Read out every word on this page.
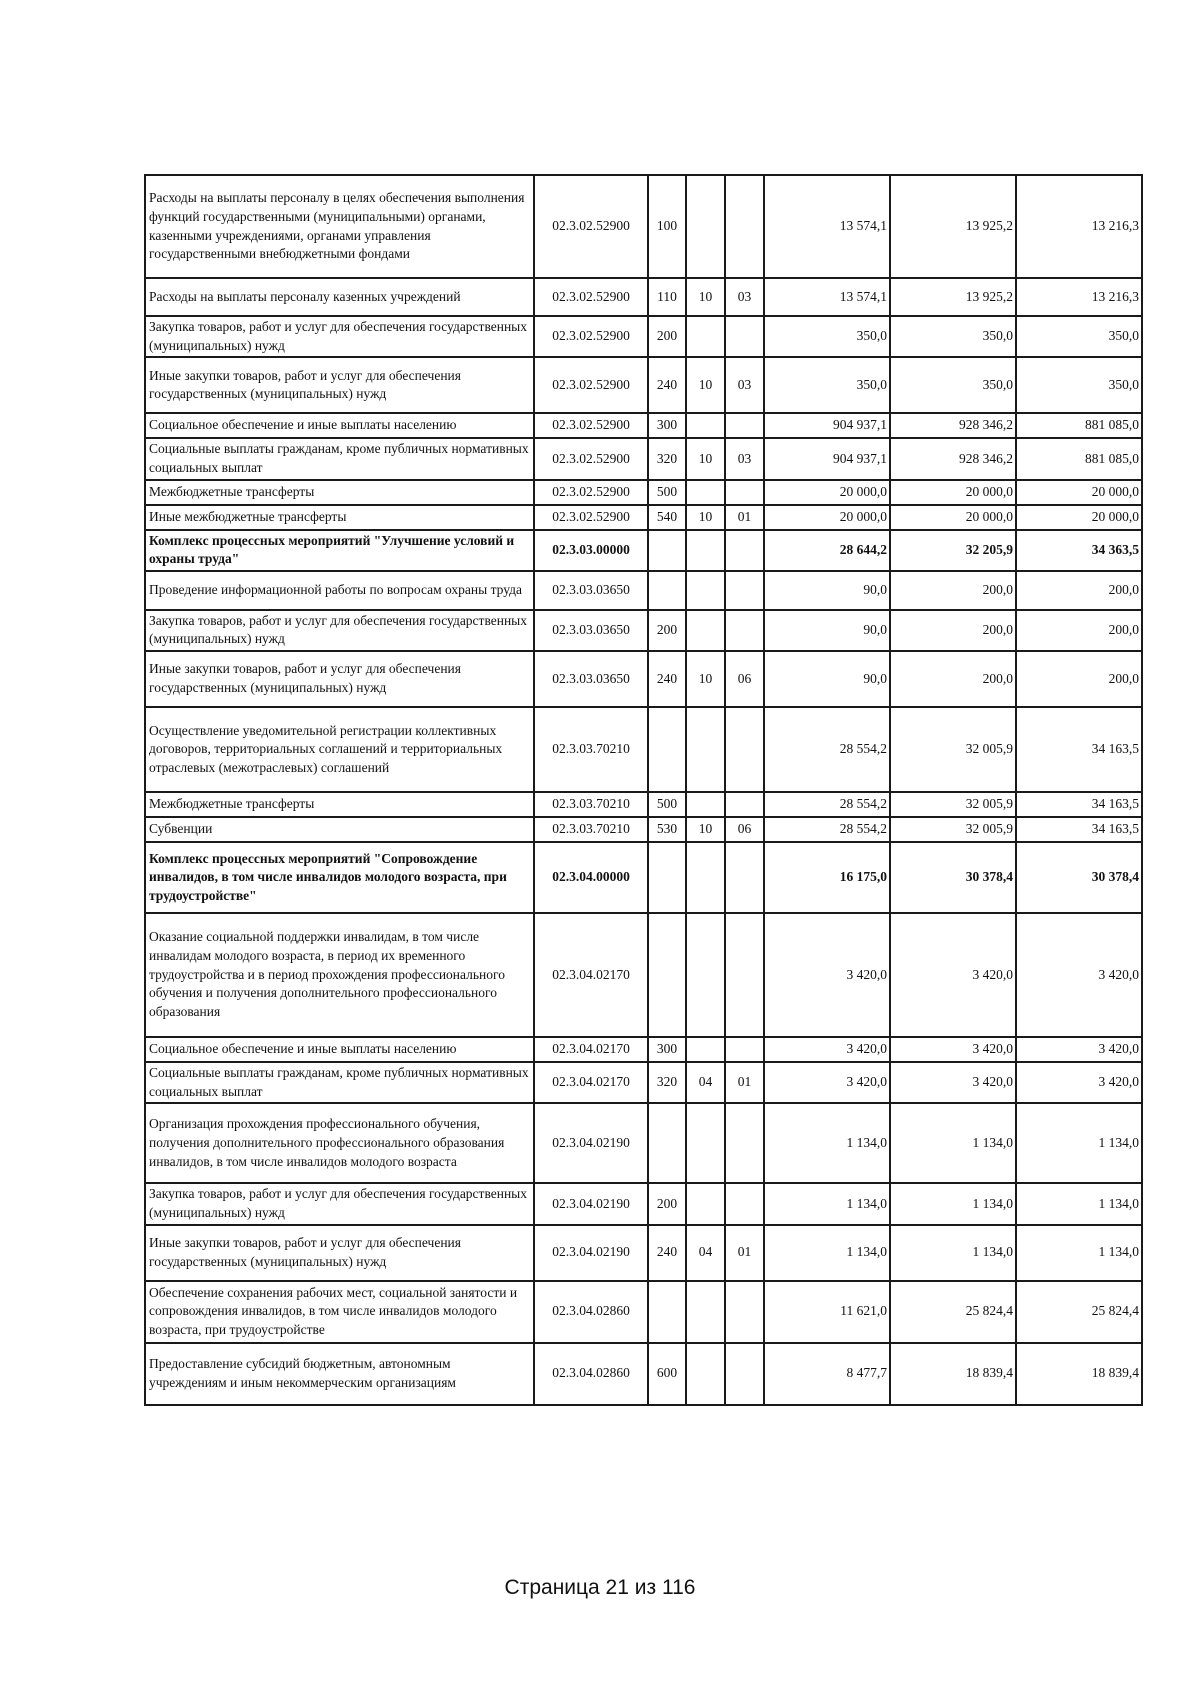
Расходы на выплаты персоналу в целях обеспечения выполнения функций государственными (муниципальными) органами, казенными учреждениями, органами управления государственными внебюджетными фондами	02.3.02.52900	100			13 574,1	13 925,2	13 216,3
Расходы на выплаты персоналу казенных учреждений	02.3.02.52900	110	10	03	13 574,1	13 925,2	13 216,3
Закупка товаров, работ и услуг для обеспечения государственных (муниципальных) нужд	02.3.02.52900	200			350,0	350,0	350,0
Иные закупки товаров, работ и услуг для обеспечения государственных (муниципальных) нужд	02.3.02.52900	240	10	03	350,0	350,0	350,0
Социальное обеспечение и иные выплаты населению	02.3.02.52900	300			904 937,1	928 346,2	881 085,0
Социальные выплаты гражданам, кроме публичных нормативных социальных выплат	02.3.02.52900	320	10	03	904 937,1	928 346,2	881 085,0
Межбюджетные трансферты	02.3.02.52900	500			20 000,0	20 000,0	20 000,0
Иные межбюджетные трансферты	02.3.02.52900	540	10	01	20 000,0	20 000,0	20 000,0
Комплекс процессных мероприятий "Улучшение условий и охраны труда"	02.3.03.00000				28 644,2	32 205,9	34 363,5
Проведение информационной работы по вопросам охраны труда	02.3.03.03650				90,0	200,0	200,0
Закупка товаров, работ и услуг для обеспечения государственных (муниципальных) нужд	02.3.03.03650	200			90,0	200,0	200,0
Иные закупки товаров, работ и услуг для обеспечения государственных (муниципальных) нужд	02.3.03.03650	240	10	06	90,0	200,0	200,0
Осуществление уведомительной регистрации коллективных договоров, территориальных соглашений и территориальных отраслевых (межотраслевых) соглашений	02.3.03.70210				28 554,2	32 005,9	34 163,5
Межбюджетные трансферты	02.3.03.70210	500			28 554,2	32 005,9	34 163,5
Субвенции	02.3.03.70210	530	10	06	28 554,2	32 005,9	34 163,5
Комплекс процессных мероприятий "Сопровождение инвалидов, в том числе инвалидов молодого возраста, при трудоустройстве"	02.3.04.00000				16 175,0	30 378,4	30 378,4
Оказание социальной поддержки инвалидам, в том числе инвалидам молодого возраста, в период их временного трудоустройства и в период прохождения профессионального обучения и получения дополнительного профессионального образования	02.3.04.02170				3 420,0	3 420,0	3 420,0
Социальное обеспечение и иные выплаты населению	02.3.04.02170	300			3 420,0	3 420,0	3 420,0
Социальные выплаты гражданам, кроме публичных нормативных социальных выплат	02.3.04.02170	320	04	01	3 420,0	3 420,0	3 420,0
Организация прохождения профессионального обучения, получения дополнительного профессионального образования инвалидов, в том числе инвалидов молодого возраста	02.3.04.02190				1 134,0	1 134,0	1 134,0
Закупка товаров, работ и услуг для обеспечения государственных (муниципальных) нужд	02.3.04.02190	200			1 134,0	1 134,0	1 134,0
Иные закупки товаров, работ и услуг для обеспечения государственных (муниципальных) нужд	02.3.04.02190	240	04	01	1 134,0	1 134,0	1 134,0
Обеспечение сохранения рабочих мест, социальной занятости и сопровождения инвалидов, в том числе инвалидов молодого возраста, при трудоустройстве	02.3.04.02860				11 621,0	25 824,4	25 824,4
Предоставление субсидий бюджетным, автономным учреждениям и иным некоммерческим организациям	02.3.04.02860	600			8 477,7	18 839,4	18 839,4
Страница 21 из 116
